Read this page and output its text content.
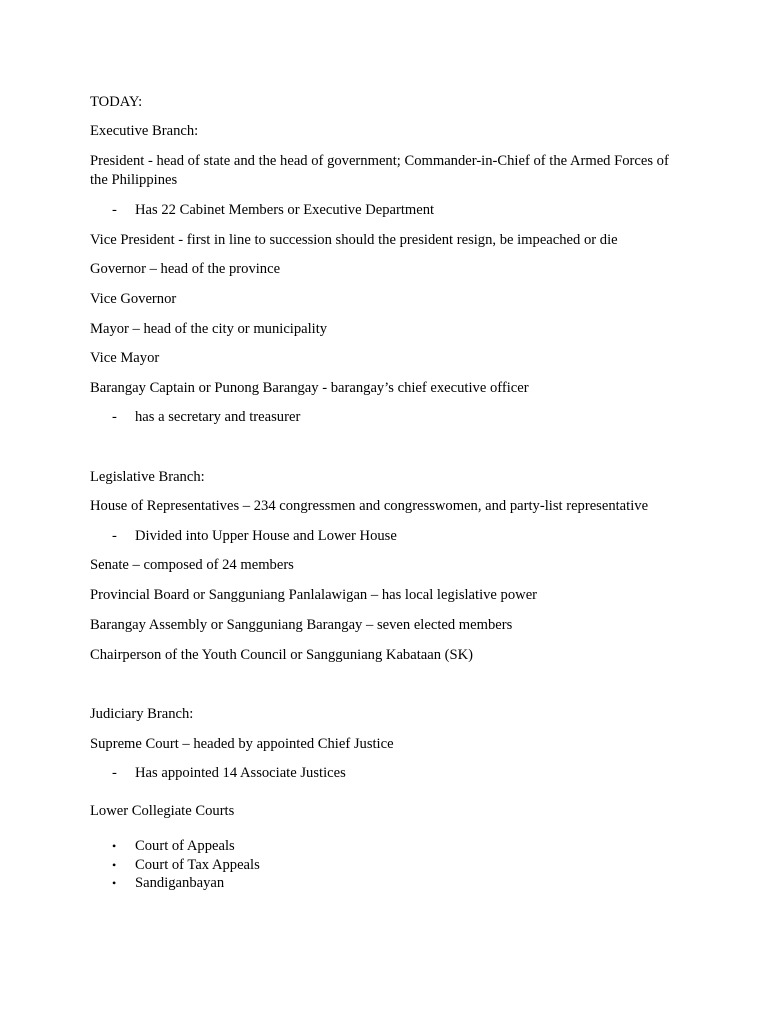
TODAY:
Executive Branch:
President - head of state and the head of government; Commander-in-Chief of the Armed Forces of the Philippines
- Has 22 Cabinet Members or Executive Department
Vice President - first in line to succession should the president resign, be impeached or die
Governor – head of the province
Vice Governor
Mayor – head of the city or municipality
Vice Mayor
Barangay Captain or Punong Barangay - barangay’s chief executive officer
- has a secretary and treasurer
Legislative Branch:
House of Representatives – 234 congressmen and congresswomen, and party-list representative
- Divided into Upper House and Lower House
Senate – composed of 24 members
Provincial Board or Sangguniang Panlalawigan – has local legislative power
Barangay Assembly or Sangguniang Barangay – seven elected members
Chairperson of the Youth Council or Sangguniang Kabataan (SK)
Judiciary Branch:
Supreme Court – headed by appointed Chief Justice
- Has appointed 14 Associate Justices
Lower Collegiate Courts
• Court of Appeals
• Court of Tax Appeals
• Sandiganbayan
